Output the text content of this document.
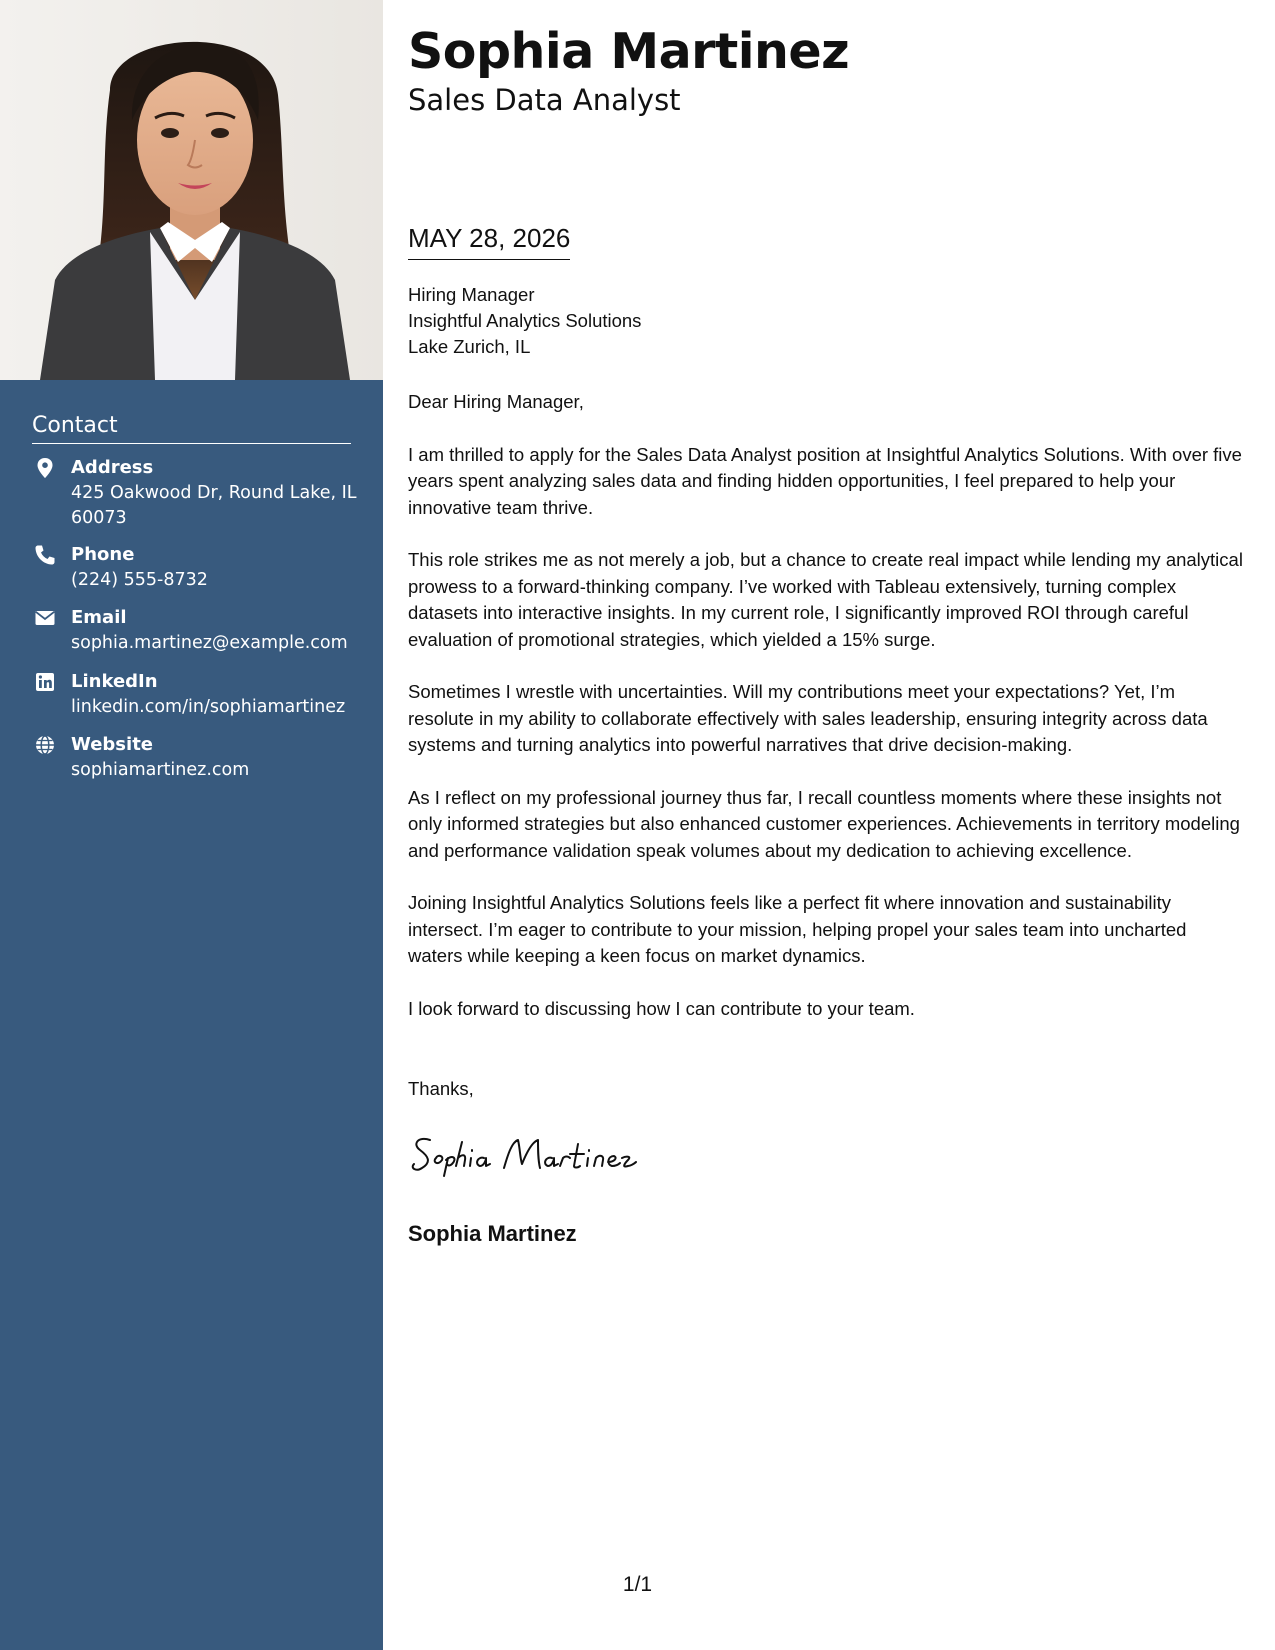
Contact
Address
425 Oakwood Dr, Round Lake, IL 60073
Phone
(224) 555-8732
Email
sophia.martinez@example.com
LinkedIn
linkedin.com/in/sophiamartinez
Website
sophiamartinez.com
Sophia Martinez
Sales Data Analyst
MAY 28, 2026
Hiring Manager
Insightful Analytics Solutions
Lake Zurich, IL

Dear Hiring Manager,

I am thrilled to apply for the Sales Data Analyst position at Insightful Analytics Solutions. With over five years spent analyzing sales data and finding hidden opportunities, I feel prepared to help your innovative team thrive.

This role strikes me as not merely a job, but a chance to create real impact while lending my analytical prowess to a forward-thinking company. I’ve worked with Tableau extensively, turning complex datasets into interactive insights. In my current role, I significantly improved ROI through careful evaluation of promotional strategies, which yielded a 15% surge.

Sometimes I wrestle with uncertainties. Will my contributions meet your expectations? Yet, I’m resolute in my ability to collaborate effectively with sales leadership, ensuring integrity across data systems and turning analytics into powerful narratives that drive decision-making.

As I reflect on my professional journey thus far, I recall countless moments where these insights not only informed strategies but also enhanced customer experiences. Achievements in territory modeling and performance validation speak volumes about my dedication to achieving excellence.

Joining Insightful Analytics Solutions feels like a perfect fit where innovation and sustainability intersect. I’m eager to contribute to your mission, helping propel your sales team into uncharted waters while keeping a keen focus on market dynamics.

I look forward to discussing how I can contribute to your team.

Thanks,
Sophia Martinez
1/1
